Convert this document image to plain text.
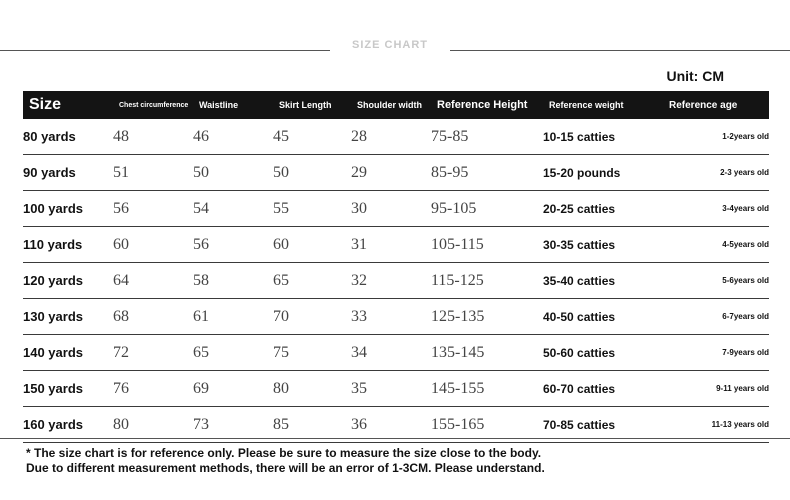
SIZE CHART
Unit: CM
Size	Chest circumference	Waistline	Skirt Length	Shoulder width	Reference Height	Reference weight	Reference age
80 yards	48	46	45	28	75-85	10-15 catties	1-2years old
90 yards	51	50	50	29	85-95	15-20 pounds	2-3 years old
100 yards	56	54	55	30	95-105	20-25 catties	3-4years old
110 yards	60	56	60	31	105-115	30-35 catties	4-5years old
120 yards	64	58	65	32	115-125	35-40 catties	5-6years old
130 yards	68	61	70	33	125-135	40-50 catties	6-7years old
140 yards	72	65	75	34	135-145	50-60 catties	7-9years old
150 yards	76	69	80	35	145-155	60-70 catties	9-11 years old
160 yards	80	73	85	36	155-165	70-85 catties	11-13 years old
* The size chart is for reference only. Please be sure to measure the size close to the body.
Due to different measurement methods, there will be an error of 1-3CM. Please understand.
